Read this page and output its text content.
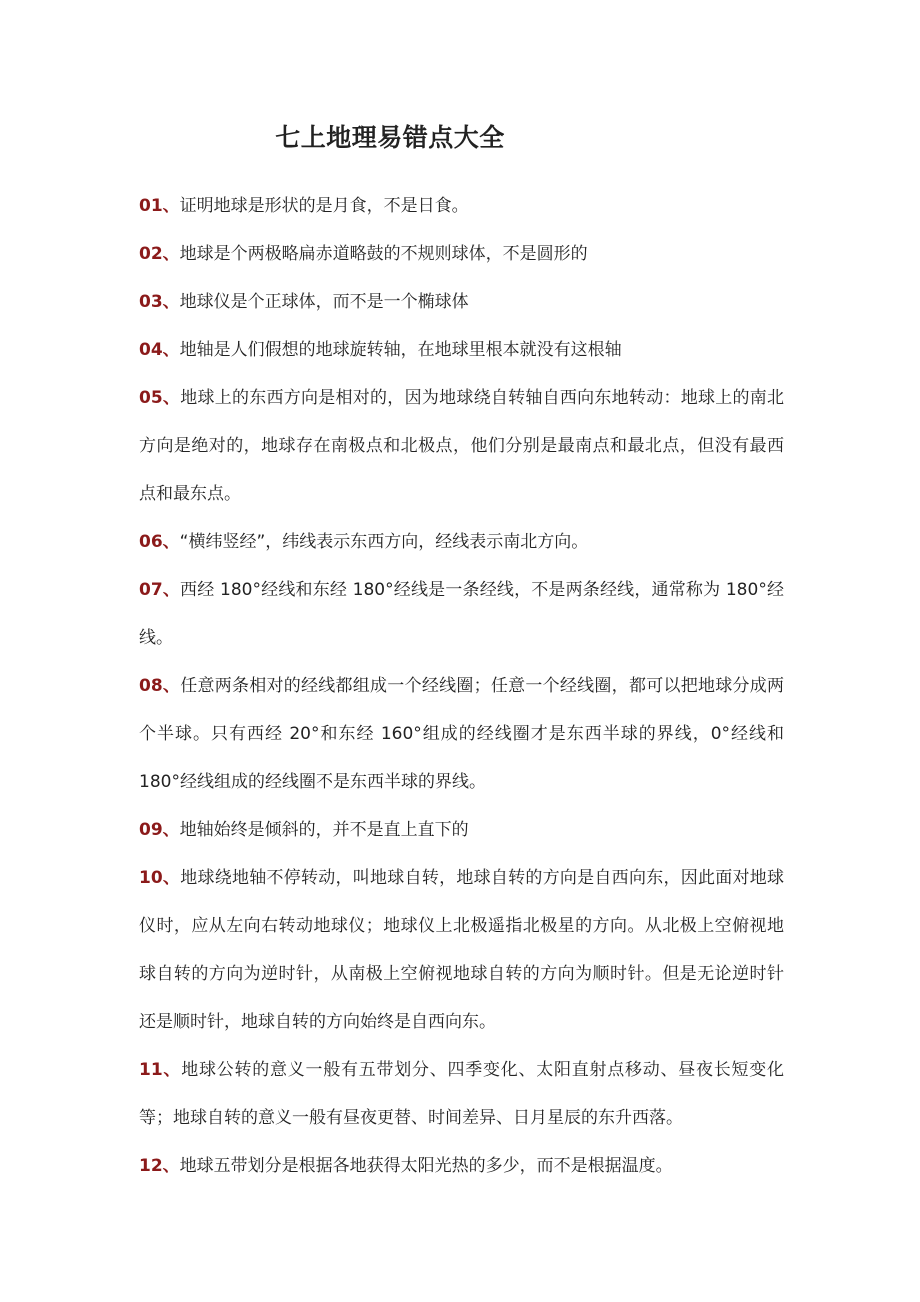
七上地理易错点大全

01、证明地球是形状的是月食，不是日食。

02、地球是个两极略扁赤道略鼓的不规则球体，不是圆形的

03、地球仪是个正球体，而不是一个椭球体

04、地轴是人们假想的地球旋转轴，在地球里根本就没有这根轴

05、地球上的东西方向是相对的，因为地球绕自转轴自西向东地转动：地球上的南北方向是绝对的，地球存在南极点和北极点，他们分别是最南点和最北点，但没有最西点和最东点。

06、“横纬竖经”，纬线表示东西方向，经线表示南北方向。

07、西经 180°经线和东经 180°经线是一条经线，不是两条经线，通常称为 180°经线。

08、任意两条相对的经线都组成一个经线圈；任意一个经线圈，都可以把地球分成两个半球。只有西经 20°和东经 160°组成的经线圈才是东西半球的界线，0°经线和 180°经线组成的经线圈不是东西半球的界线。

09、地轴始终是倾斜的，并不是直上直下的

10、地球绕地轴不停转动，叫地球自转，地球自转的方向是自西向东，因此面对地球仪时，应从左向右转动地球仪；地球仪上北极遥指北极星的方向。从北极上空俯视地球自转的方向为逆时针，从南极上空俯视地球自转的方向为顺时针。但是无论逆时针还是顺时针，地球自转的方向始终是自西向东。

11、地球公转的意义一般有五带划分、四季变化、太阳直射点移动、昼夜长短变化等；地球自转的意义一般有昼夜更替、时间差异、日月星辰的东升西落。

12、地球五带划分是根据各地获得太阳光热的多少，而不是根据温度。
